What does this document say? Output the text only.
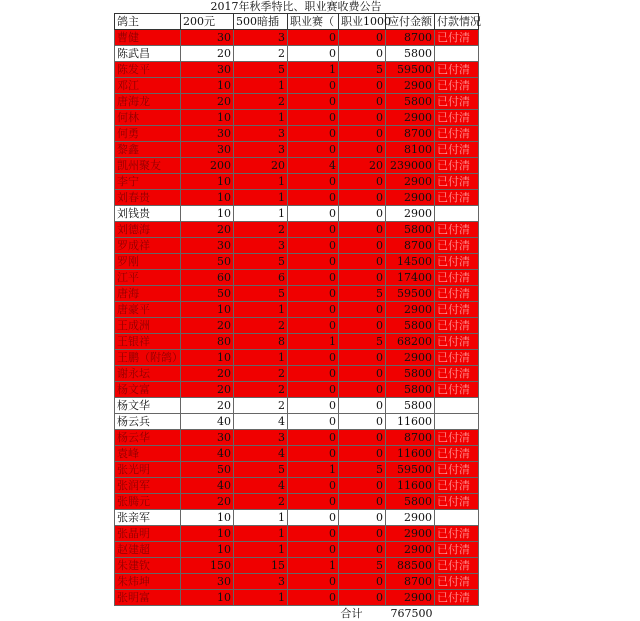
2017年秋季特比、职业赛收费公告
鸽主	200元	500暗插	职业赛（	职业1000	应付金额	付款情况
曹健	30	3	0	0	8700	已付清
陈武昌	20	2	0	0	5800	
陈发平	30	5	1	5	59500	已付清
邓江	10	1	0	0	2900	已付清
唐海龙	20	2	0	0	5800	已付清
何林	10	1	0	0	2900	已付清
何勇	30	3	0	0	8700	已付清
黎鑫	30	3	0	0	8100	已付清
凯州聚友	200	20	4	20	239000	已付清
李宁	10	1	0	0	2900	已付清
刘春贵	10	1	0	0	2900	已付清
刘钱贵	10	1	0	0	2900	
刘德海	20	2	0	0	5800	已付清
罗成祥	30	3	0	0	8700	已付清
罗刚	50	5	0	0	14500	已付清
江平	60	6	0	0	17400	已付清
唐海	50	5	0	5	59500	已付清
唐豪平	10	1	0	0	2900	已付清
王成洲	20	2	0	0	5800	已付清
王银祥	80	8	1	5	68200	已付清
王鹏（附鸽）	10	1	0	0	2900	已付清
谢永坛	20	2	0	0	5800	已付清
杨文富	20	2	0	0	5800	已付清
杨文华	20	2	0	0	5800	
杨云兵	40	4	0	0	11600	
杨云华	30	3	0	0	8700	已付清
袁峰	40	4	0	0	11600	已付清
张光明	50	5	1	5	59500	已付清
张润军	40	4	0	0	11600	已付清
张腾元	20	2	0	0	5800	已付清
张亲军	10	1	0	0	2900	
张晶明	10	1	0	0	2900	已付清
赵建超	10	1	0	0	2900	已付清
朱建钦	150	15	1	5	88500	已付清
朱炜坤	30	3	0	0	8700	已付清
张明富	10	1	0	0	2900	已付清
				合计	767500	
